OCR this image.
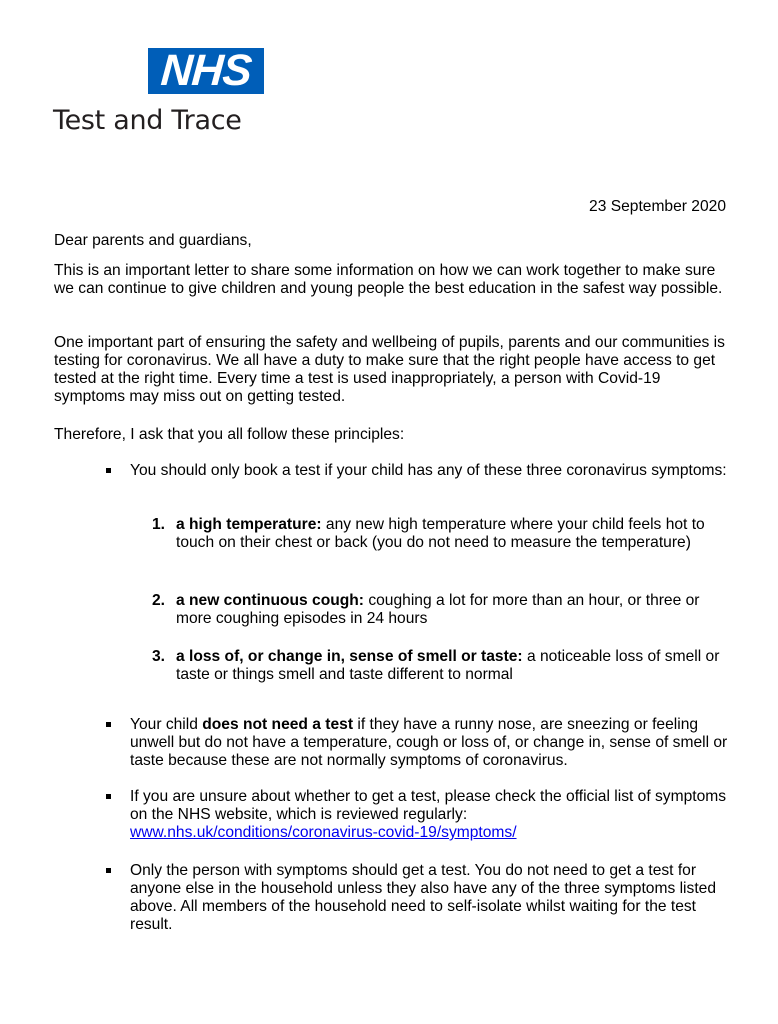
NHS
Test and Trace
23 September 2020
Dear parents and guardians,
This is an important letter to share some information on how we can work together to make sure we can continue to give children and young people the best education in the safest way possible.
One important part of ensuring the safety and wellbeing of pupils, parents and our communities is testing for coronavirus. We all have a duty to make sure that the right people have access to get tested at the right time. Every time a test is used inappropriately, a person with Covid-19 symptoms may miss out on getting tested.
Therefore, I ask that you all follow these principles:
You should only book a test if your child has any of these three coronavirus symptoms:
1. a high temperature: any new high temperature where your child feels hot to touch on their chest or back (you do not need to measure the temperature)
2. a new continuous cough: coughing a lot for more than an hour, or three or more coughing episodes in 24 hours
3. a loss of, or change in, sense of smell or taste: a noticeable loss of smell or taste or things smell and taste different to normal
Your child does not need a test if they have a runny nose, are sneezing or feeling unwell but do not have a temperature, cough or loss of, or change in, sense of smell or taste because these are not normally symptoms of coronavirus.
If you are unsure about whether to get a test, please check the official list of symptoms on the NHS website, which is reviewed regularly:
www.nhs.uk/conditions/coronavirus-covid-19/symptoms/
Only the person with symptoms should get a test. You do not need to get a test for anyone else in the household unless they also have any of the three symptoms listed above. All members of the household need to self-isolate whilst waiting for the test result.
